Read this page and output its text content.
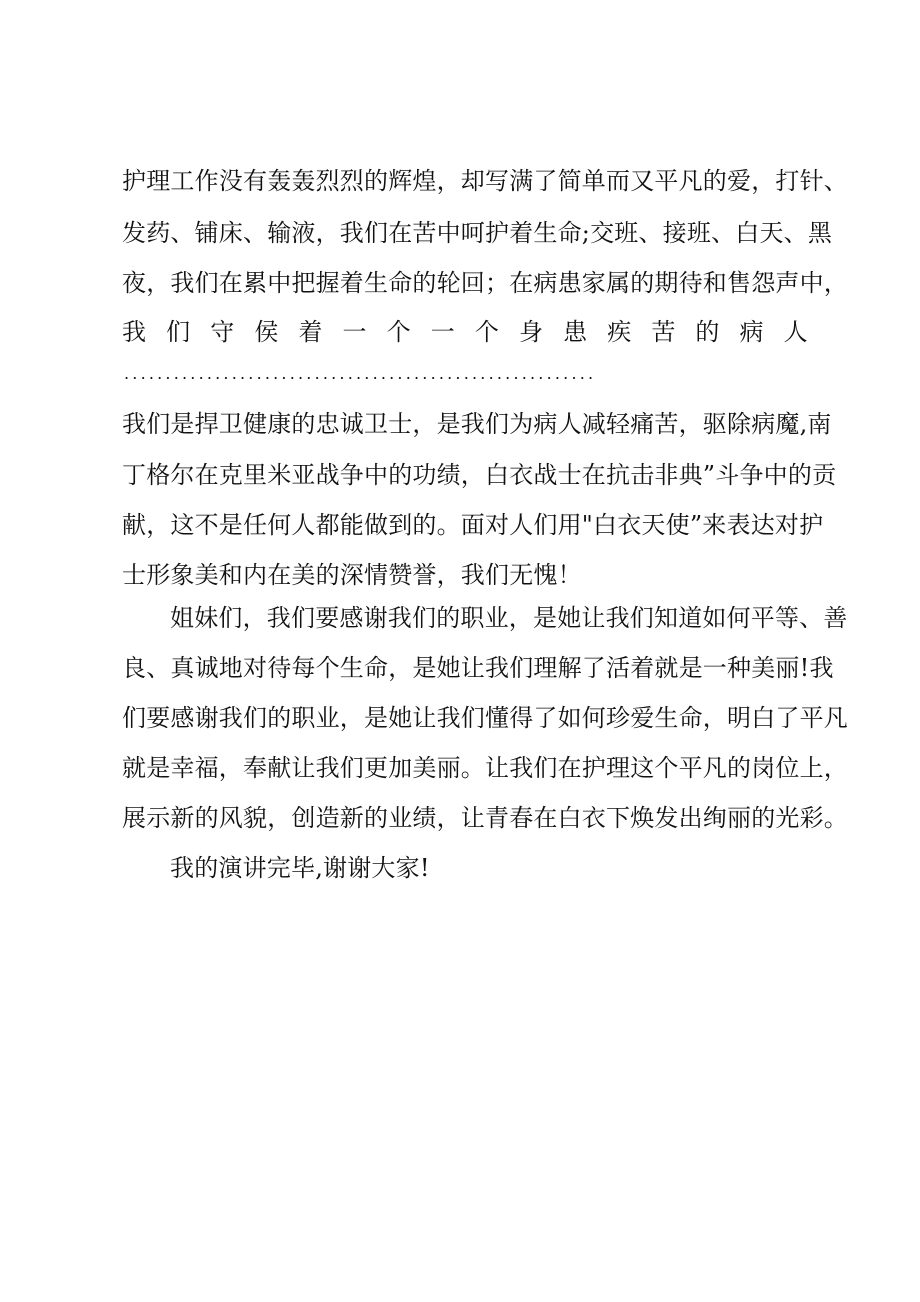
护理工作没有轰轰烈烈的辉煌，却写满了简单而又平凡的爱，打针、
发药、铺床、输液，我们在苦中呵护着生命;交班、接班、白天、黑
夜，我们在累中把握着生命的轮回；在病患家属的期待和售怨声中，
我 们 守 侯 着 一 个 一 个 身 患 疾 苦 的 病 人
.........................................................
我们是捍卫健康的忠诚卫士，是我们为病人减轻痛苦，驱除病魔,南
丁格尔在克里米亚战争中的功绩，白衣战士在抗击非典”斗争中的贡
献，这不是任何人都能做到的。面对人们用"白衣天使”来表达对护
士形象美和内在美的深情赞誉，我们无愧！
姐妹们，我们要感谢我们的职业，是她让我们知道如何平等、善
良、真诚地对待每个生命，是她让我们理解了活着就是一种美丽!我
们要感谢我们的职业，是她让我们懂得了如何珍爱生命，明白了平凡
就是幸福，奉献让我们更加美丽。让我们在护理这个平凡的岗位上，
展示新的风貌，创造新的业绩，让青春在白衣下焕发出绚丽的光彩。
我的演讲完毕,谢谢大家!
